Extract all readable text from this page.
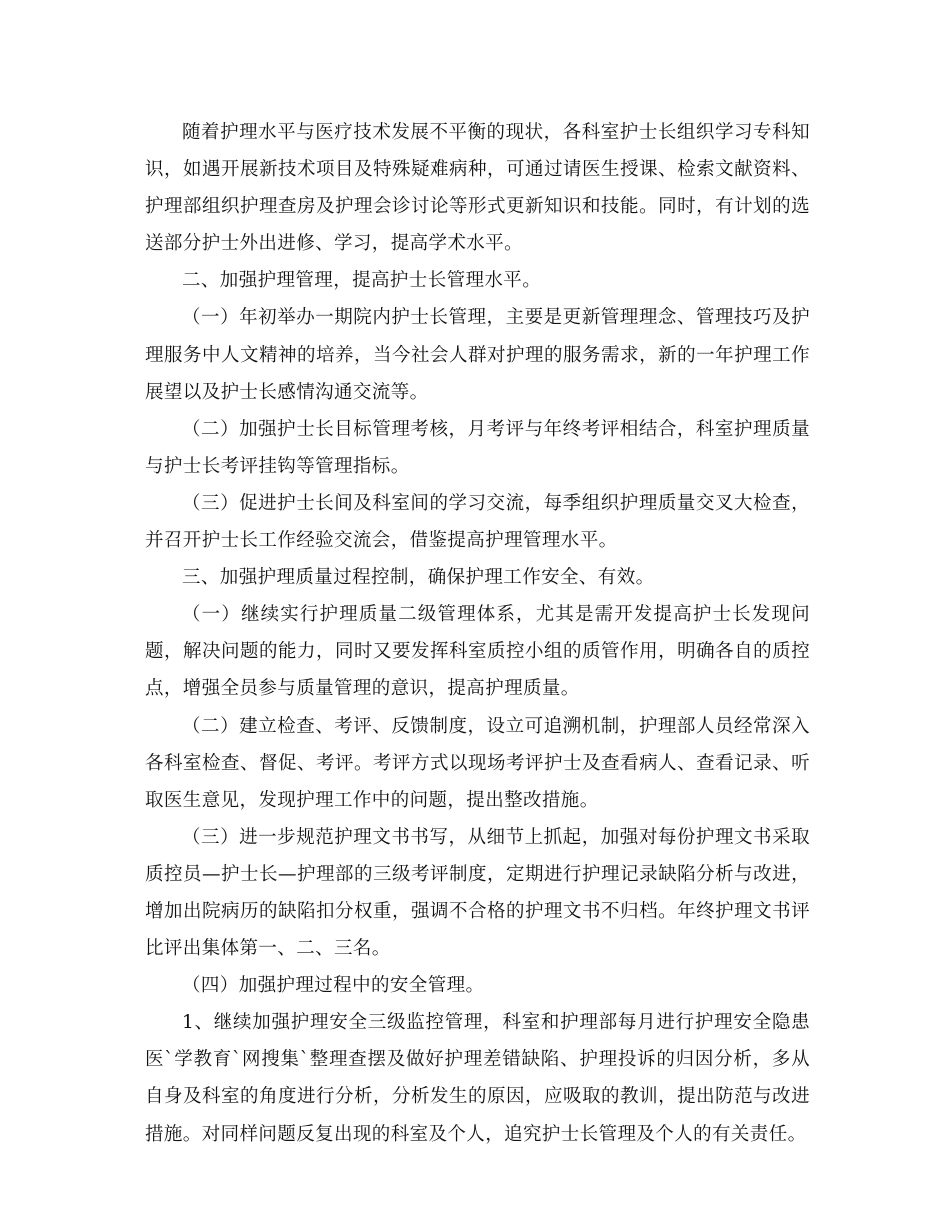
随着护理水平与医疗技术发展不平衡的现状，各科室护士长组织学习专科知识，如遇开展新技术项目及特殊疑难病种，可通过请医生授课、检索文献资料、护理部组织护理查房及护理会诊讨论等形式更新知识和技能。同时，有计划的选送部分护士外出进修、学习，提高学术水平。

二、加强护理管理，提高护士长管理水平。

（一）年初举办一期院内护士长管理，主要是更新管理理念、管理技巧及护理服务中人文精神的培养，当今社会人群对护理的服务需求，新的一年护理工作展望以及护士长感情沟通交流等。

（二）加强护士长目标管理考核，月考评与年终考评相结合，科室护理质量与护士长考评挂钩等管理指标。

（三）促进护士长间及科室间的学习交流，每季组织护理质量交叉大检查，并召开护士长工作经验交流会，借鉴提高护理管理水平。

三、加强护理质量过程控制，确保护理工作安全、有效。

（一）继续实行护理质量二级管理体系，尤其是需开发提高护士长发现问题，解决问题的能力，同时又要发挥科室质控小组的质管作用，明确各自的质控点，增强全员参与质量管理的意识，提高护理质量。

（二）建立检查、考评、反馈制度，设立可追溯机制，护理部人员经常深入各科室检查、督促、考评。考评方式以现场考评护士及查看病人、查看记录、听取医生意见，发现护理工作中的问题，提出整改措施。

（三）进一步规范护理文书书写，从细节上抓起，加强对每份护理文书采取质控员—护士长—护理部的三级考评制度，定期进行护理记录缺陷分析与改进，增加出院病历的缺陷扣分权重，强调不合格的护理文书不归档。年终护理文书评比评出集体第一、二、三名。

（四）加强护理过程中的安全管理。

1、继续加强护理安全三级监控管理，科室和护理部每月进行护理安全隐患医`学教育`网搜集`整理查摆及做好护理差错缺陷、护理投诉的归因分析，多从自身及科室的角度进行分析，分析发生的原因，应吸取的教训，提出防范与改进措施。对同样问题反复出现的科室及个人，追究护士长管理及个人的有关责任。
